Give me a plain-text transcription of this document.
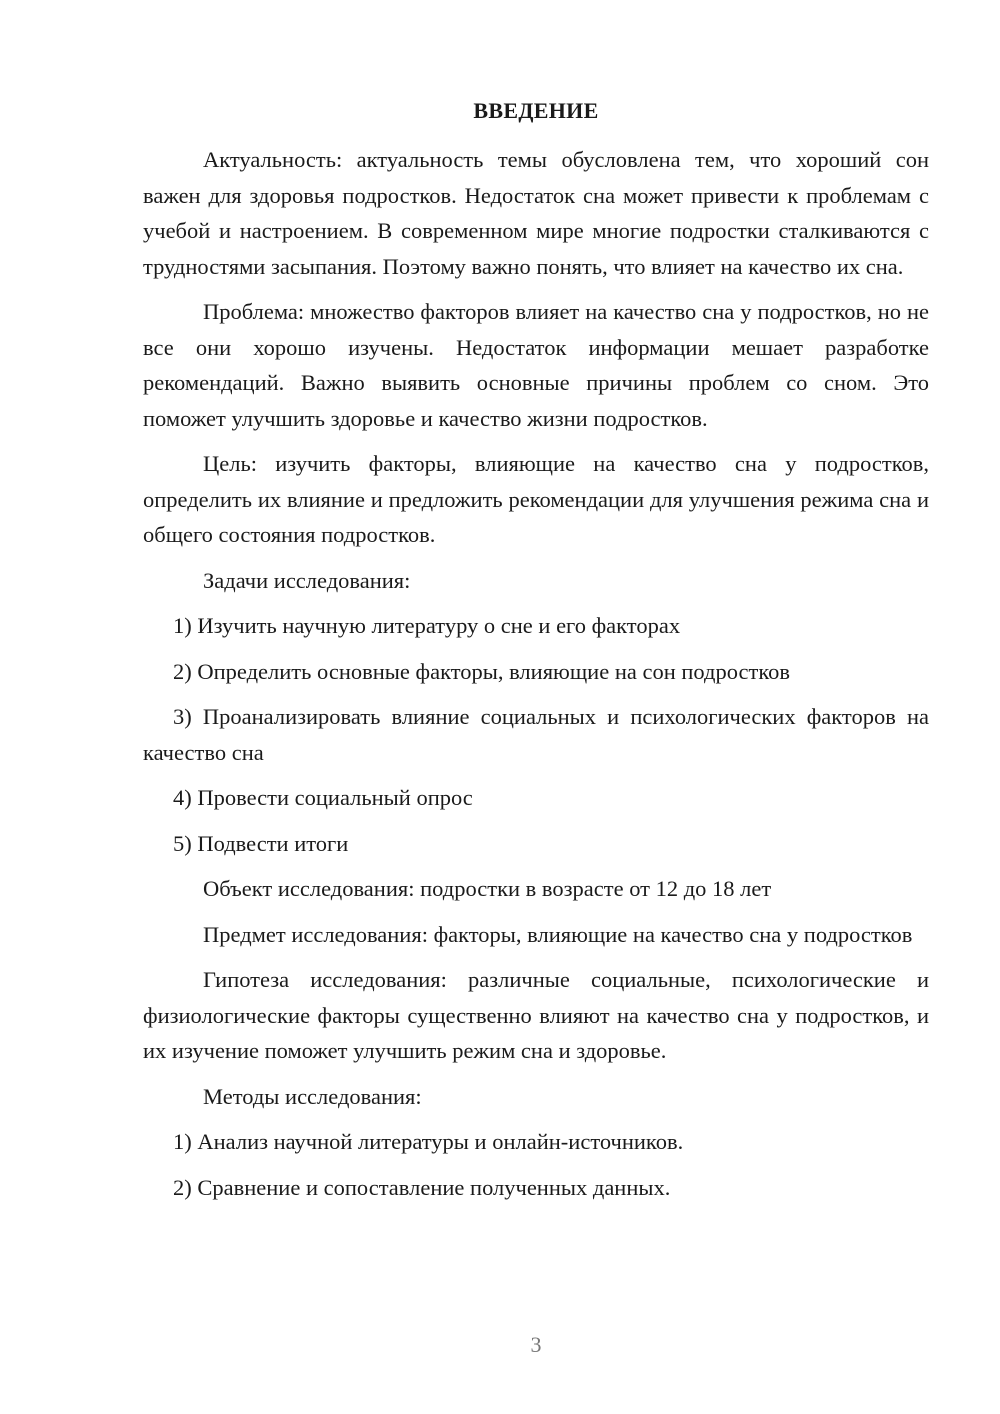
ВВЕДЕНИЕ

Актуальность: актуальность темы обусловлена тем, что хороший сон важен для здоровья подростков. Недостаток сна может привести к проблемам с учебой и настроением. В современном мире многие подростки сталкиваются с трудностями засыпания. Поэтому важно понять, что влияет на качество их сна.

Проблема: множество факторов влияет на качество сна у подростков, но не все они хорошо изучены. Недостаток информации мешает разработке рекомендаций. Важно выявить основные причины проблем со сном. Это поможет улучшить здоровье и качество жизни подростков.

Цель: изучить факторы, влияющие на качество сна у подростков, определить их влияние и предложить рекомендации для улучшения режима сна и общего состояния подростков.

Задачи исследования:

1) Изучить научную литературу о сне и его факторах

2) Определить основные факторы, влияющие на сон подростков

3) Проанализировать влияние социальных и психологических факторов на качество сна

4) Провести социальный опрос

5) Подвести итоги

Объект исследования: подростки в возрасте от 12 до 18 лет

Предмет исследования: факторы, влияющие на качество сна у подростков

Гипотеза исследования: различные социальные, психологические и физиологические факторы существенно влияют на качество сна у подростков, и их изучение поможет улучшить режим сна и здоровье.

Методы исследования:

1) Анализ научной литературы и онлайн-источников.

2) Сравнение и сопоставление полученных данных.

3
